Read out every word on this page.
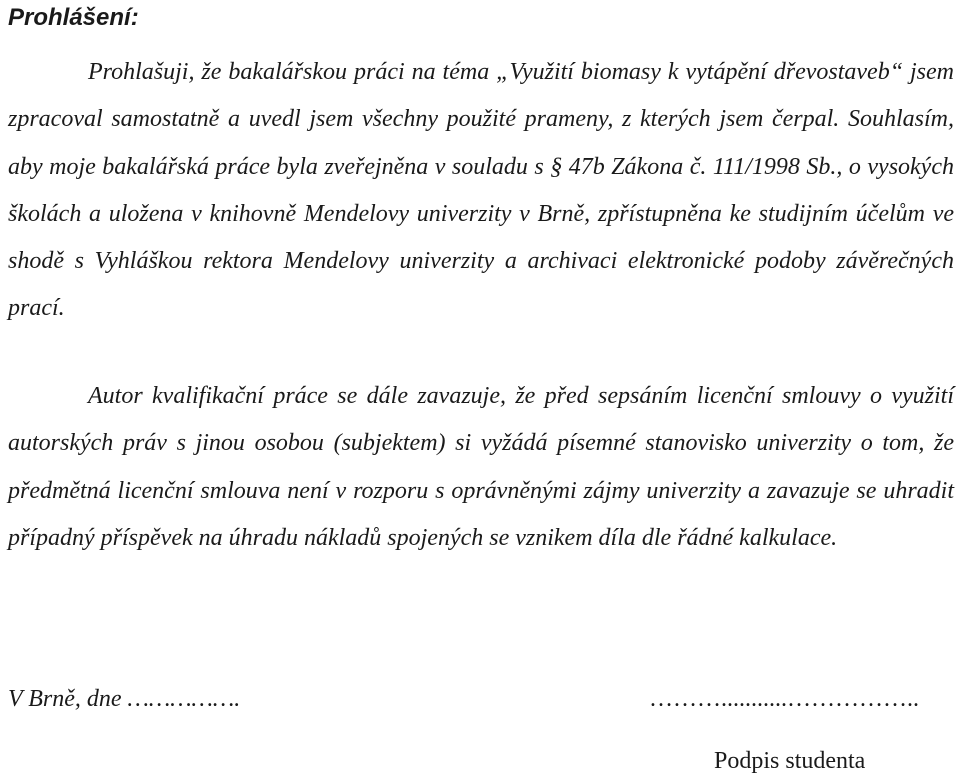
Prohlášení:

Prohlašuji, že bakalářskou práci na téma „Využití biomasy k vytápění dřevostaveb“ jsem zpracoval samostatně a uvedl jsem všechny použité prameny, z kterých jsem čerpal. Souhlasím, aby moje bakalářská práce byla zveřejněna v souladu s § 47b Zákona č. 111/1998 Sb., o vysokých školách a uložena v knihovně Mendelovy univerzity v Brně, zpřístupněna ke studijním účelům ve shodě s Vyhláškou rektora Mendelovy univerzity a archivaci elektronické podoby závěrečných prací.

Autor kvalifikační práce se dále zavazuje, že před sepsáním licenční smlouvy o využití autorských práv s jinou osobou (subjektem) si vyžádá písemné stanovisko univerzity o tom, že předmětná licenční smlouva není v rozporu s oprávněnými zájmy univerzity a zavazuje se uhradit případný příspěvek na úhradu nákladů spojených se vznikem díla dle řádné kalkulace.

V Brně, dne …………….	………...........……………..
Podpis studenta
